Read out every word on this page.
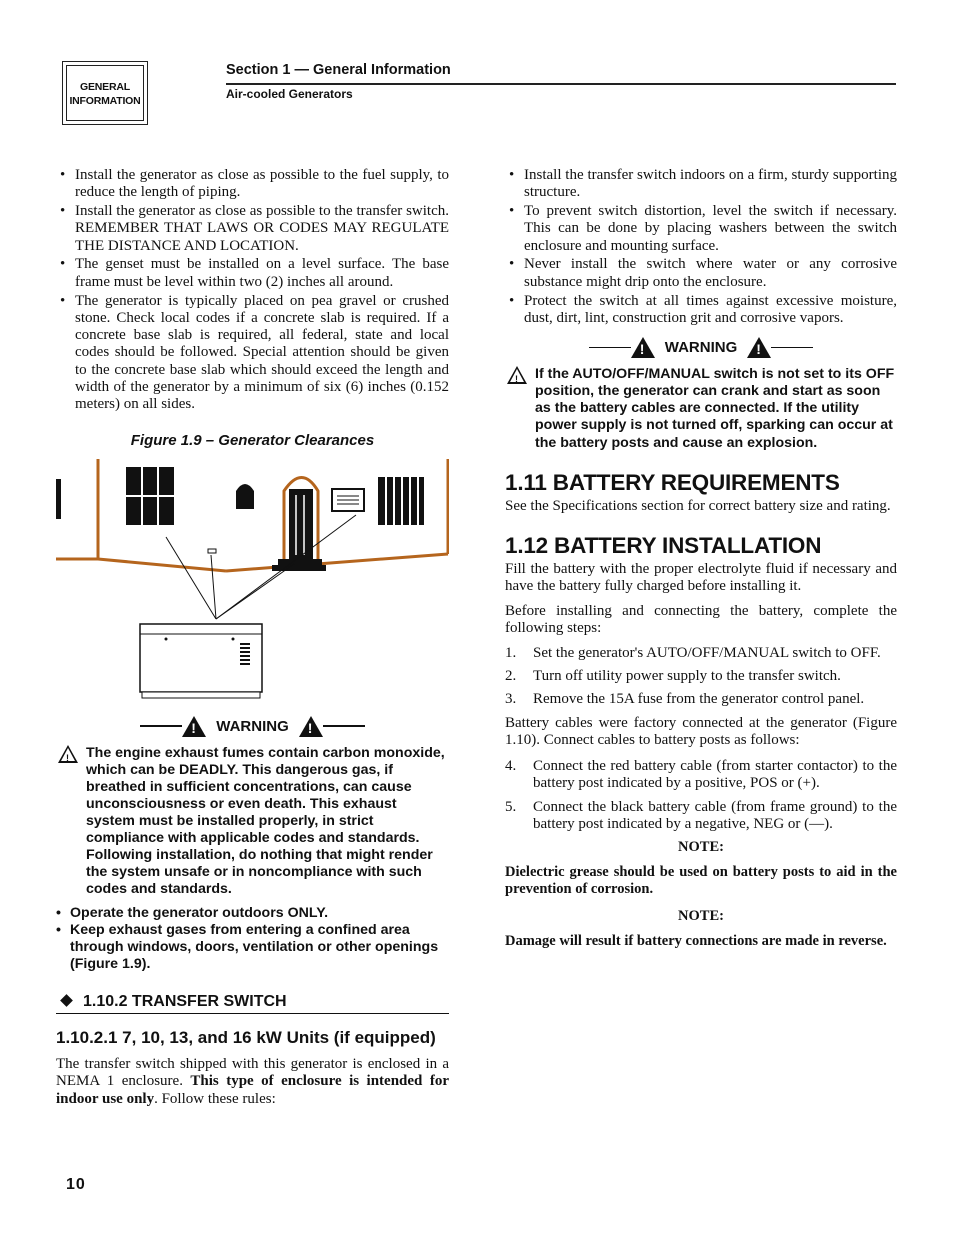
GENERAL INFORMATION
Section 1 — General Information
Air-cooled Generators
• Install the generator as close as possible to the fuel supply, to reduce the length of piping.
• Install the generator as close as possible to the transfer switch. REMEMBER THAT LAWS OR CODES MAY REGULATE THE DISTANCE AND LOCATION.
• The genset must be installed on a level surface. The base frame must be level within two (2) inches all around.
• The generator is typically placed on pea gravel or crushed stone. Check local codes if a concrete slab is required. If a concrete base slab is required, all federal, state and local codes should be followed. Special attention should be given to the concrete base slab which should exceed the length and width of the generator by a minimum of six (6) inches (0.152 meters) on all sides.
Figure 1.9 – Generator Clearances
!
WARNING
!
!
The engine exhaust fumes contain carbon monoxide, which can be DEADLY. This dangerous gas, if breathed in sufficient concentrations, can cause unconsciousness or even death. This exhaust system must be installed properly, in strict compliance with applicable codes and standards. Following installation, do nothing that might render the system unsafe or in noncompliance with such codes and standards.
• Operate the generator outdoors ONLY.
• Keep exhaust gases from entering a confined area through windows, doors, ventilation or other openings (Figure 1.9).
1.10.2 TRANSFER SWITCH
1.10.2.1 7, 10, 13, and 16 kW Units (if equipped)

The transfer switch shipped with this generator is enclosed in a NEMA 1 enclosure. This type of enclosure is intended for indoor use only. Follow these rules:

• Install the transfer switch indoors on a firm, sturdy supporting structure.
• To prevent switch distortion, level the switch if necessary. This can be done by placing washers between the switch enclosure and mounting surface.
• Never install the switch where water or any corrosive substance might drip onto the enclosure.
• Protect the switch at all times against excessive moisture, dust, dirt, lint, construction grit and corrosive vapors.
!
WARNING
!
!
If the AUTO/OFF/MANUAL switch is not set to its OFF position, the generator can crank and start as soon as the battery cables are connected. If the utility power supply is not turned off, sparking can occur at the battery posts and cause an explosion.
1.11 BATTERY REQUIREMENTS

See the Specifications section for correct battery size and rating.

1.12 BATTERY INSTALLATION

Fill the battery with the proper electrolyte fluid if necessary and have the battery fully charged before installing it.

Before installing and connecting the battery, complete the following steps:

1.	Set the generator's AUTO/OFF/MANUAL switch to OFF.
2.	Turn off utility power supply to the transfer switch.
3.	Remove the 15A fuse from the generator control panel.

Battery cables were factory connected at the generator (Figure 1.10). Connect cables to battery posts as follows:

4.	Connect the red battery cable (from starter contactor) to the battery post indicated by a positive, POS or (+).
5.	Connect the black battery cable (from frame ground) to the battery post indicated by a negative, NEG or (—).

NOTE:

Dielectric grease should be used on battery posts to aid in the prevention of corrosion.

NOTE:

Damage will result if battery connections are made in reverse.

10
